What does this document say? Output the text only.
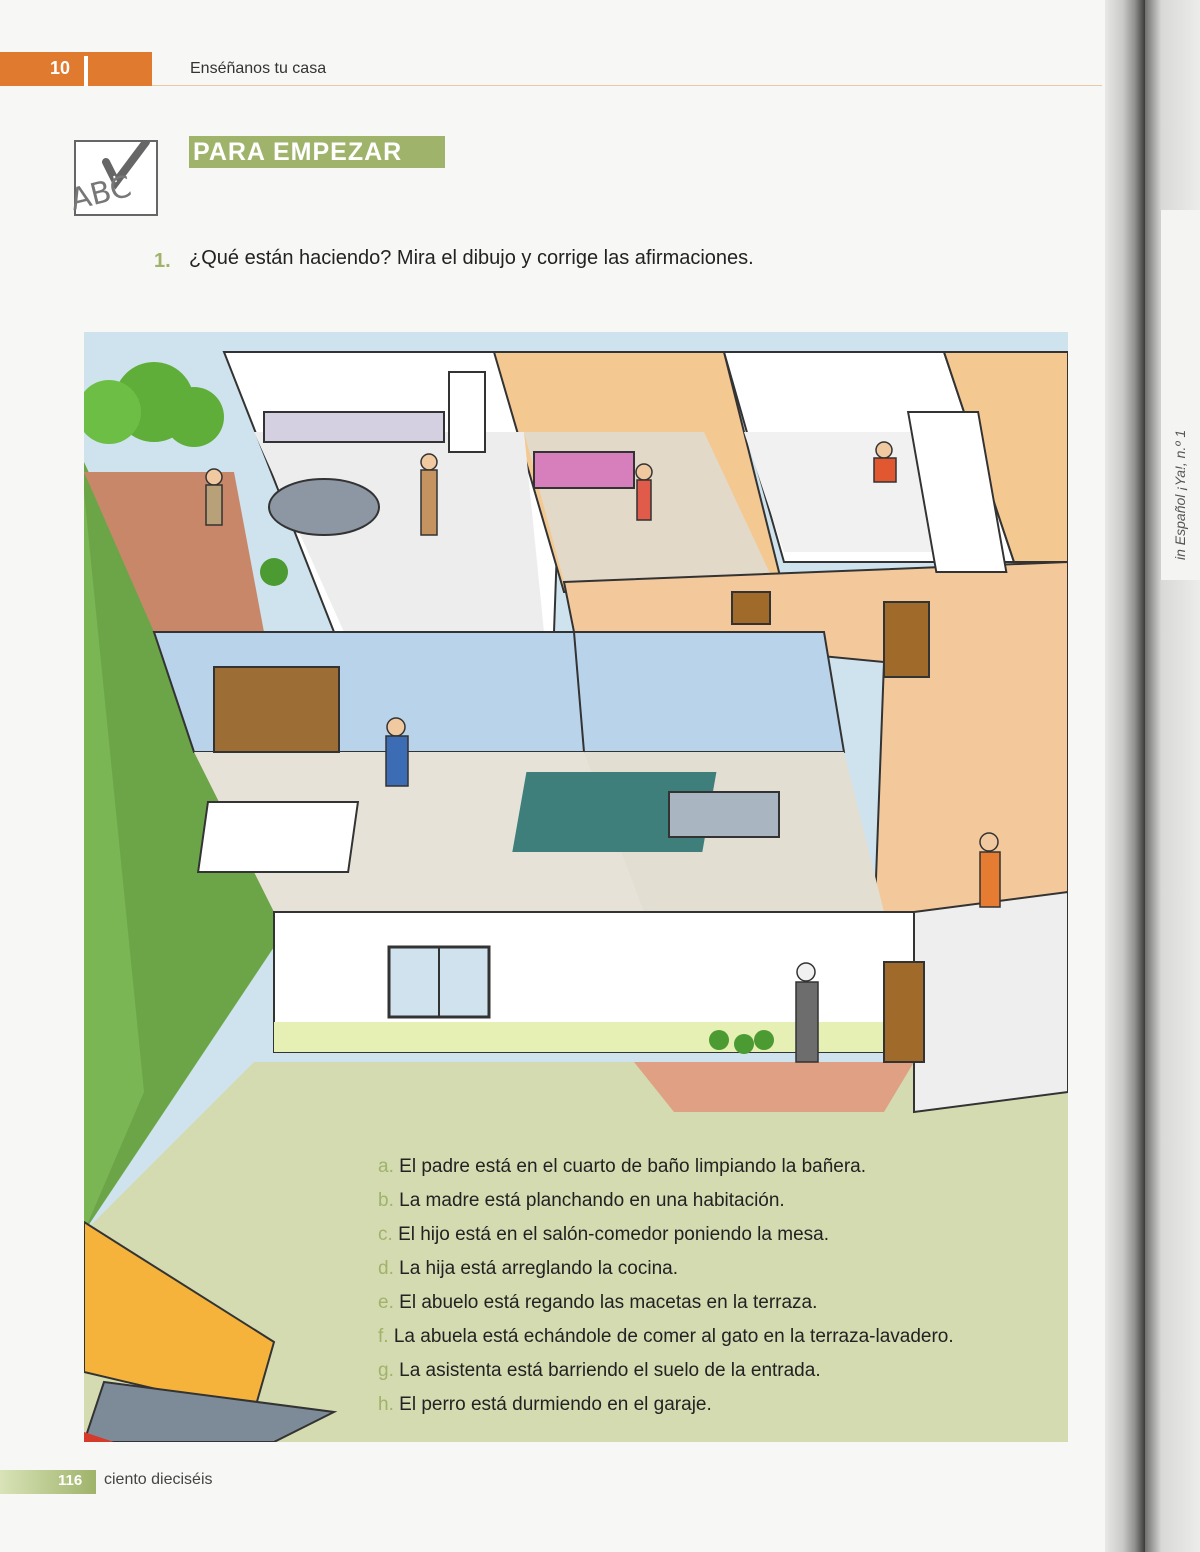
in Español ¡Ya!, n.º 1
10	Enséñanos tu casa
ABC
PARA EMPEZAR
1. ¿Qué están haciendo? Mira el dibujo y corrige las afirmaciones.
a. El padre está en el cuarto de baño limpiando la bañera.
b. La madre está planchando en una habitación.
c. El hijo está en el salón-comedor poniendo la mesa.
d. La hija está arreglando la cocina.
e. El abuelo está regando las macetas en la terraza.
f. La abuela está echándole de comer al gato en la terraza-lavadero.
g. La asistenta está barriendo el suelo de la entrada.
h. El perro está durmiendo en el garaje.
116 ciento dieciséis
